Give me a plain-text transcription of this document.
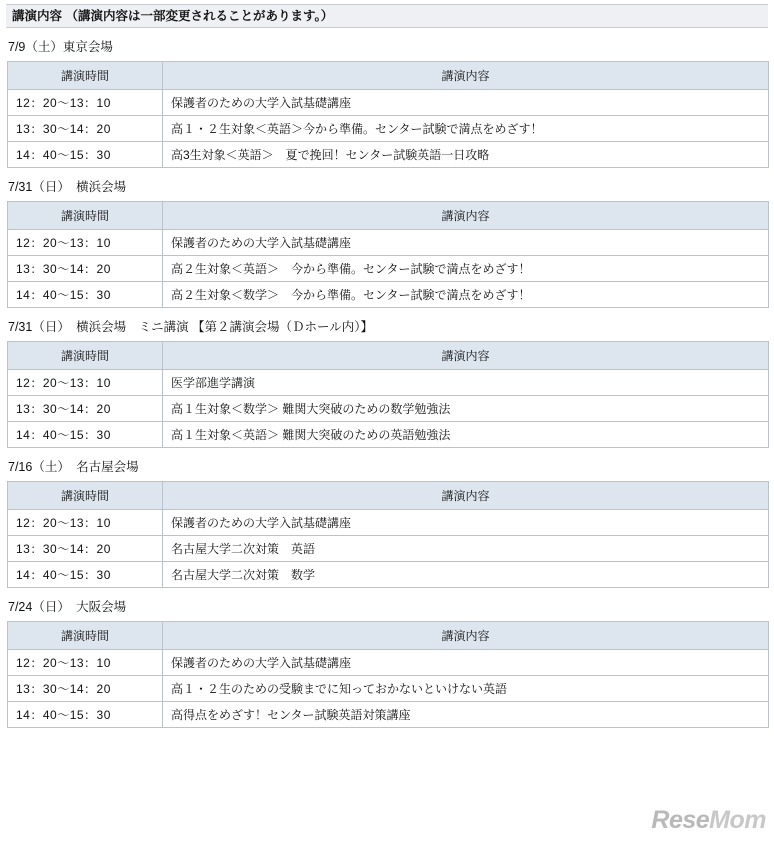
講演内容 （講演内容は一部変更されることがあります。）
7/9（土）東京会場
講演時間	講演内容
12：20～13：10	保護者のための大学入試基礎講座
13：30～14：20	高１・２生対象＜英語＞今から準備。センター試験で満点をめざす！
14：40～15：30	高3生対象＜英語＞　夏で挽回！センター試験英語一日攻略
7/31（日）　横浜会場
講演時間	講演内容
12：20～13：10	保護者のための大学入試基礎講座
13：30～14：20	高２生対象＜英語＞　今から準備。センター試験で満点をめざす！
14：40～15：30	高２生対象＜数学＞　今から準備。センター試験で満点をめざす！
7/31（日）　横浜会場　ミニ講演 【第２講演会場（Ｄホール内）】
講演時間	講演内容
12：20～13：10	医学部進学講演
13：30～14：20	高１生対象＜数学＞ 難関大突破のための数学勉強法
14：40～15：30	高１生対象＜英語＞ 難関大突破のための英語勉強法
7/16（土）　名古屋会場
講演時間	講演内容
12：20～13：10	保護者のための大学入試基礎講座
13：30～14：20	名古屋大学二次対策　英語
14：40～15：30	名古屋大学二次対策　数学
7/24（日）　大阪会場
講演時間	講演内容
12：20～13：10	保護者のための大学入試基礎講座
13：30～14：20	高１・２生のための受験までに知っておかないといけない英語
14：40～15：30	高得点をめざす！センター試験英語対策講座
ReseMom
